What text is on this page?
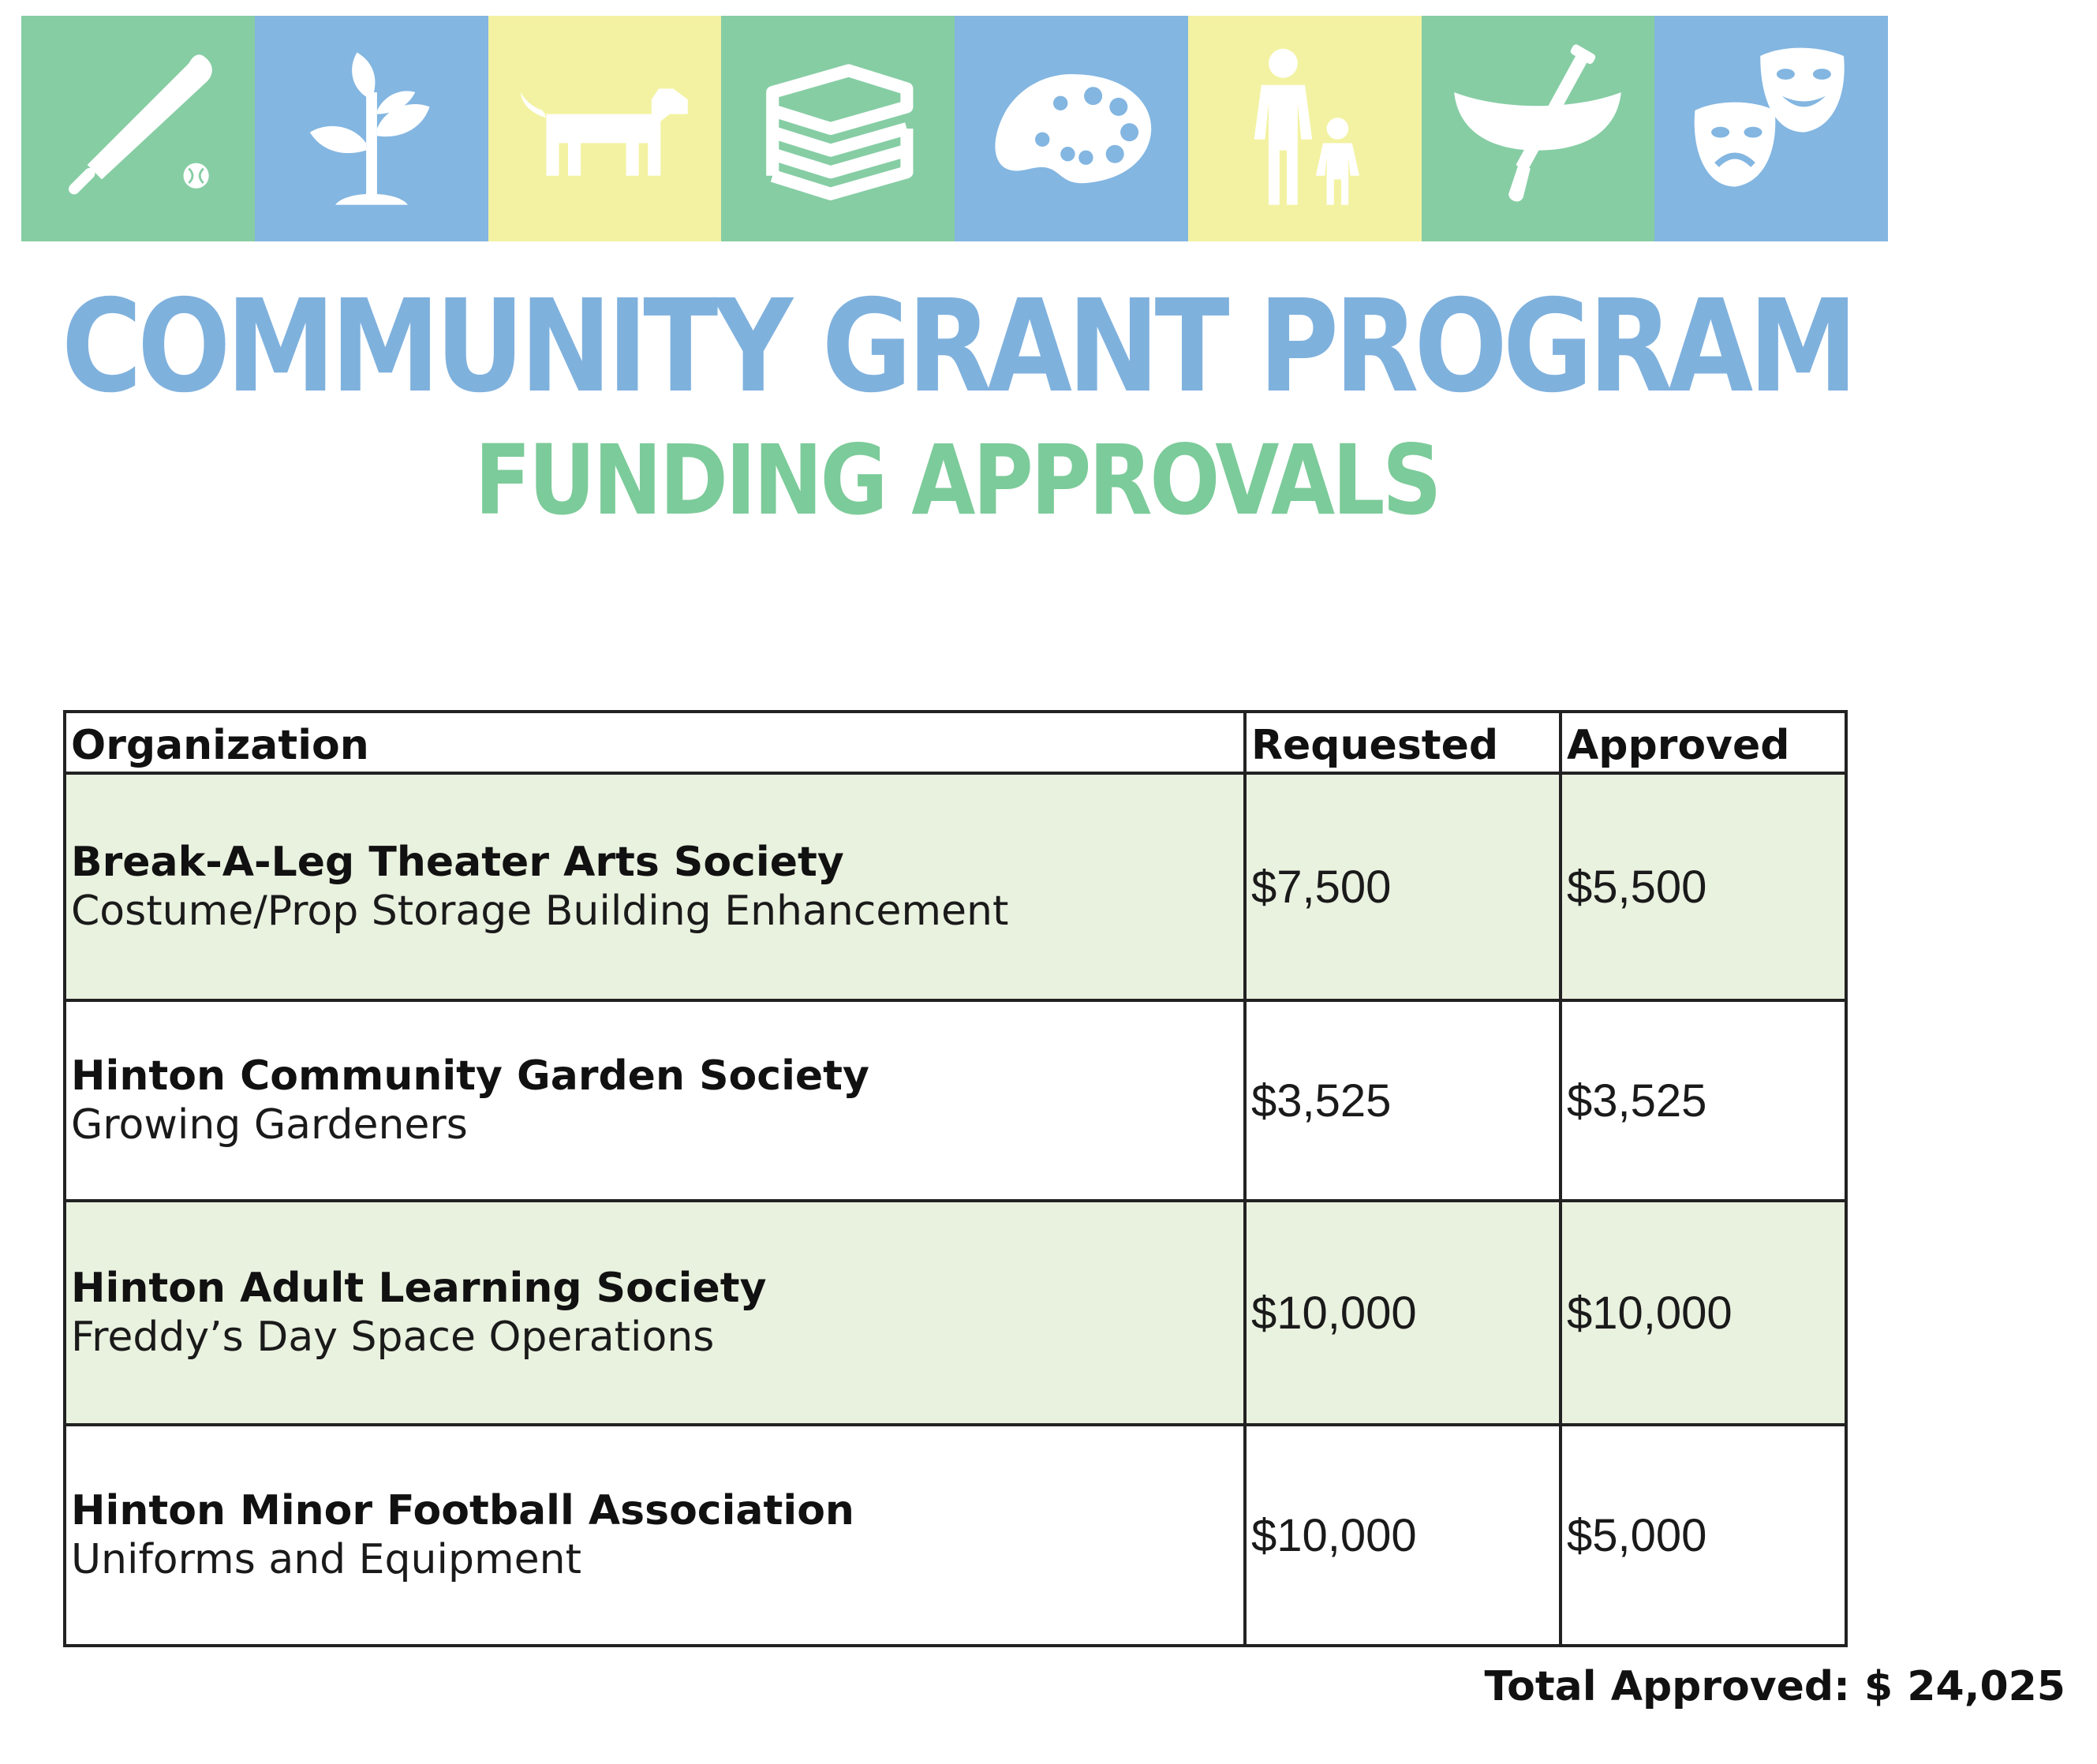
COMMUNITY GRANT PROGRAM
FUNDING APPROVALS
Organization	Requested	Approved

Break-A-Leg Theater Arts Society
Costume/Prop Storage Building Enhancement	$7,500	$5,500

Hinton Community Garden Society
Growing Gardeners	$3,525	$3,525

Hinton Adult Learning Society
Freddy’s Day Space Operations	$10,000	$10,000

Hinton Minor Football Association
Uniforms and Equipment	$10,000	$5,000
Total Approved: $ 24,025
